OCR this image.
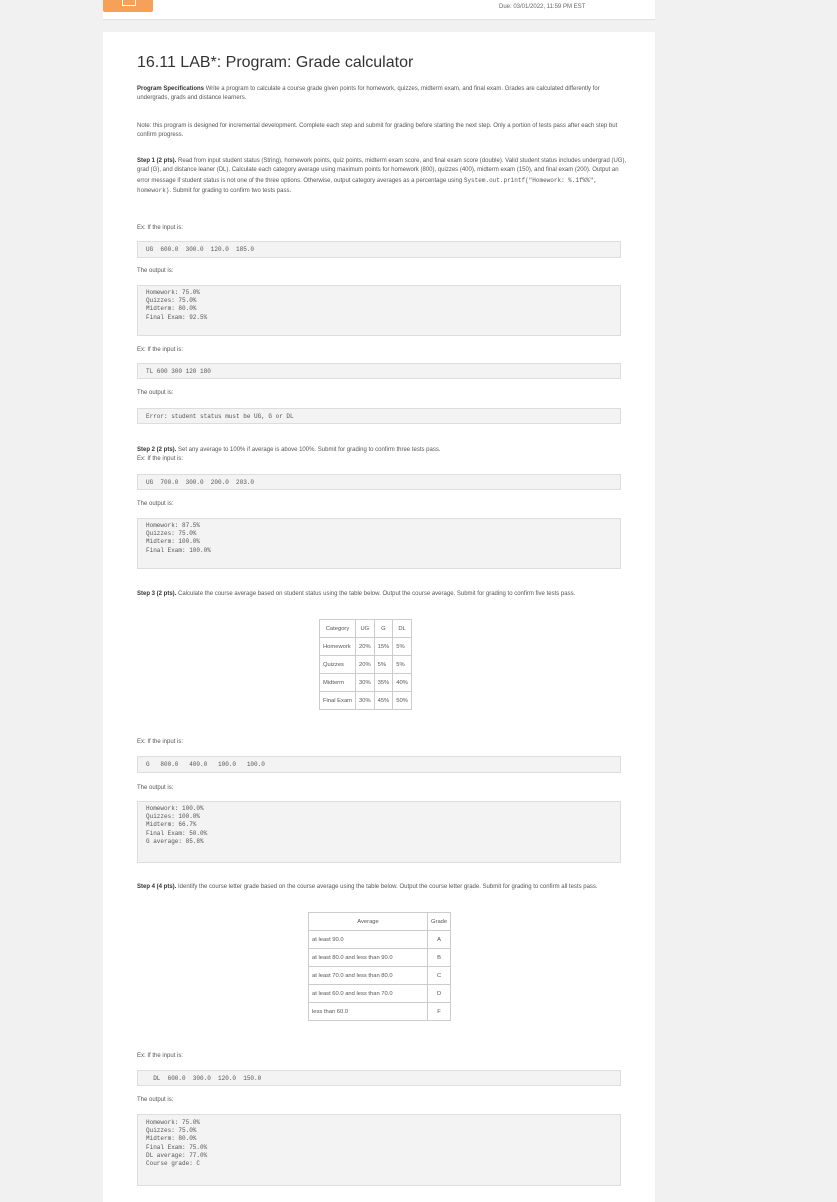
Due: 03/01/2022, 11:59 PM EST
16.11 LAB*: Program: Grade calculator
Program Specifications Write a program to calculate a course grade given points for homework, quizzes, midterm exam, and final exam. Grades are calculated differently for undergrads, grads and distance learners.
Note: this program is designed for incremental development. Complete each step and submit for grading before starting the next step. Only a portion of tests pass after each step but confirm progress.
Step 1 (2 pts). Read from input student status (String), homework points, quiz points, midterm exam score, and final exam score (double). Valid student status includes undergrad (UG), grad (G), and distance leaner (DL). Calculate each category average using maximum points for homework (800), quizzes (400), midterm exam (150), and final exam (200). Output an error message if student status is not one of the three options. Otherwise, output category averages as a percentage using System.out.printf("Homework: %.1f%%", homework). Submit for grading to confirm two tests pass.
Ex: If the input is:
UG  600.0  300.0  120.0  185.0
The output is:
Homework: 75.0%
Quizzes: 75.0%
Midterm: 80.0%
Final Exam: 92.5%
Ex: If the input is:
TL 600 300 120 180
The output is:
Error: student status must be UG, G or DL
Step 2 (2 pts). Set any average to 100% if average is above 100%. Submit for grading to confirm three tests pass.
Ex: If the input is:
UG  700.0  300.0  200.0  203.0
The output is:
Homework: 87.5%
Quizzes: 75.0%
Midterm: 100.0%
Final Exam: 100.0%
Step 3 (2 pts). Calculate the course average based on student status using the table below. Output the course average. Submit for grading to confirm five tests pass.
Category	UG	G	DL
Homework	20%	15%	5%
Quizzes	20%	5%	5%
Midterm	30%	35%	40%
Final Exam	30%	45%	50%
Ex: If the input is:
G   800.0   400.0   100.0   100.0
The output is:
Homework: 100.0%
Quizzes: 100.0%
Midterm: 66.7%
Final Exam: 50.0%
G average: 85.8%
Step 4 (4 pts). Identify the course letter grade based on the course average using the table below. Output the course letter grade. Submit for grading to confirm all tests pass.
Average	Grade
at least 90.0	A
at least 80.0 and less than 90.0	B
at least 70.0 and less than 80.0	C
at least 60.0 and less than 70.0	D
less than 60.0	F
Ex: If the input is:
DL  600.0  300.0  120.0  150.0
The output is:
Homework: 75.0%
Quizzes: 75.0%
Midterm: 80.0%
Final Exam: 75.0%
DL average: 77.0%
Course grade: C
